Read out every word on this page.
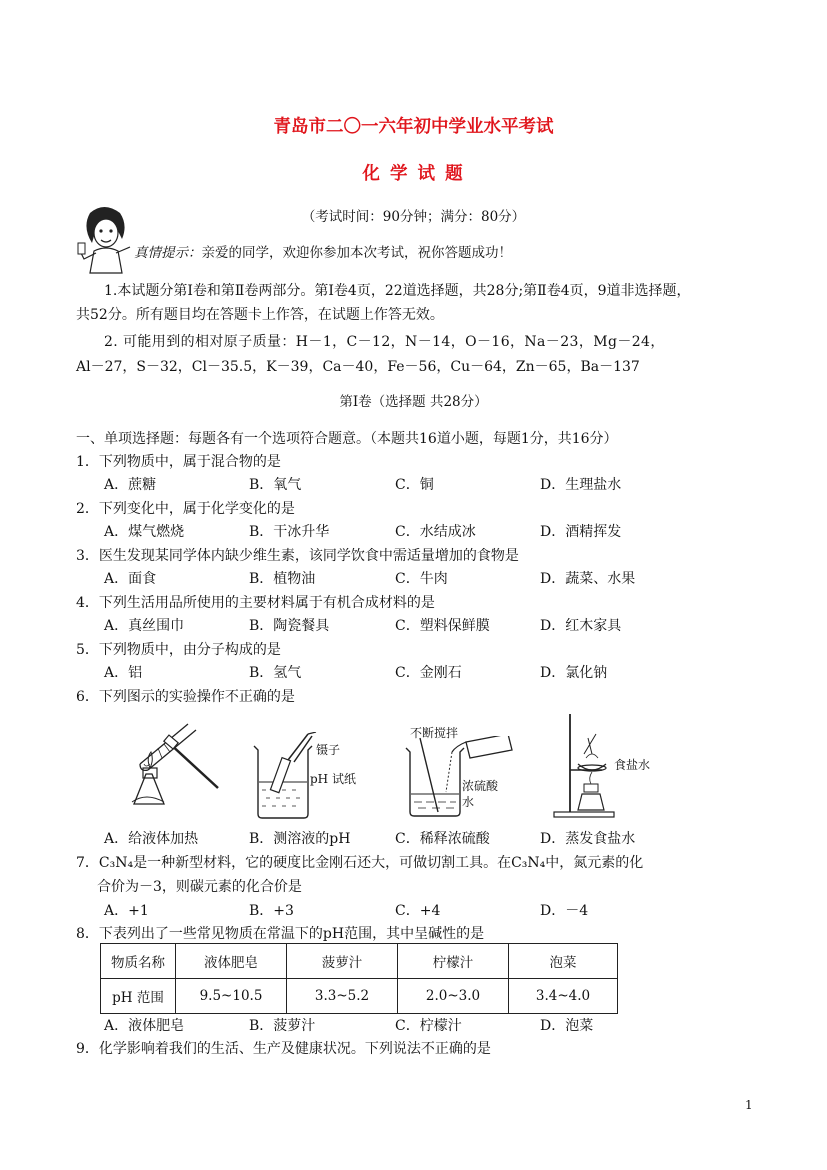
青岛市二〇一六年初中学业水平考试
化 学 试 题
（考试时间：90分钟；满分：80分）
真情提示：亲爱的同学，欢迎你参加本次考试，祝你答题成功！
1.本试题分第Ⅰ卷和第Ⅱ卷两部分。第Ⅰ卷4页，22道选择题，共28分;第Ⅱ卷4页，9道非选择题，
共52分。所有题目均在答题卡上作答，在试题上作答无效。
2. 可能用到的相对原子质量：H－1，C－12，N－14，O－16，Na－23，Mg－24，
Al－27，S－32，Cl－35.5，K－39，Ca－40，Fe－56，Cu－64，Zn－65，Ba－137
第Ⅰ卷（选择题 共28分）
一、单项选择题：每题各有一个选项符合题意。（本题共16道小题，每题1分，共16分）
1．下列物质中，属于混合物的是
A．蔗糖	B．氧气	C．铜	D．生理盐水
2．下列变化中，属于化学变化的是
A．煤气燃烧	B．干冰升华	C．水结成冰	D．酒精挥发
3．医生发现某同学体内缺少维生素，该同学饮食中需适量增加的食物是
A．面食	B．植物油	C．牛肉	D．蔬菜、水果
4．下列生活用品所使用的主要材料属于有机合成材料的是
A．真丝围巾	B．陶瓷餐具	C．塑料保鲜膜	D．红木家具
5．下列物质中，由分子构成的是
A．铝	B．氢气	C．金刚石	D．氯化钠
6．下列图示的实验操作不正确的是
镊子
pH 试纸
不断搅拌
浓硫酸
水
食盐水
A．给液体加热	B．测溶液的pH	C．稀释浓硫酸	D．蒸发食盐水
7．C₃N₄是一种新型材料，它的硬度比金刚石还大，可做切割工具。在C₃N₄中，氮元素的化
合价为－3，则碳元素的化合价是
A．+1	B．+3	C．+4	D．－4
8．下表列出了一些常见物质在常温下的pH范围，其中呈碱性的是
物质名称	液体肥皂	菠萝汁	柠檬汁	泡菜
pH 范围	9.5~10.5	3.3~5.2	2.0~3.0	3.4~4.0
A．液体肥皂	B．菠萝汁	C．柠檬汁	D．泡菜
9．化学影响着我们的生活、生产及健康状况。下列说法不正确的是
1
